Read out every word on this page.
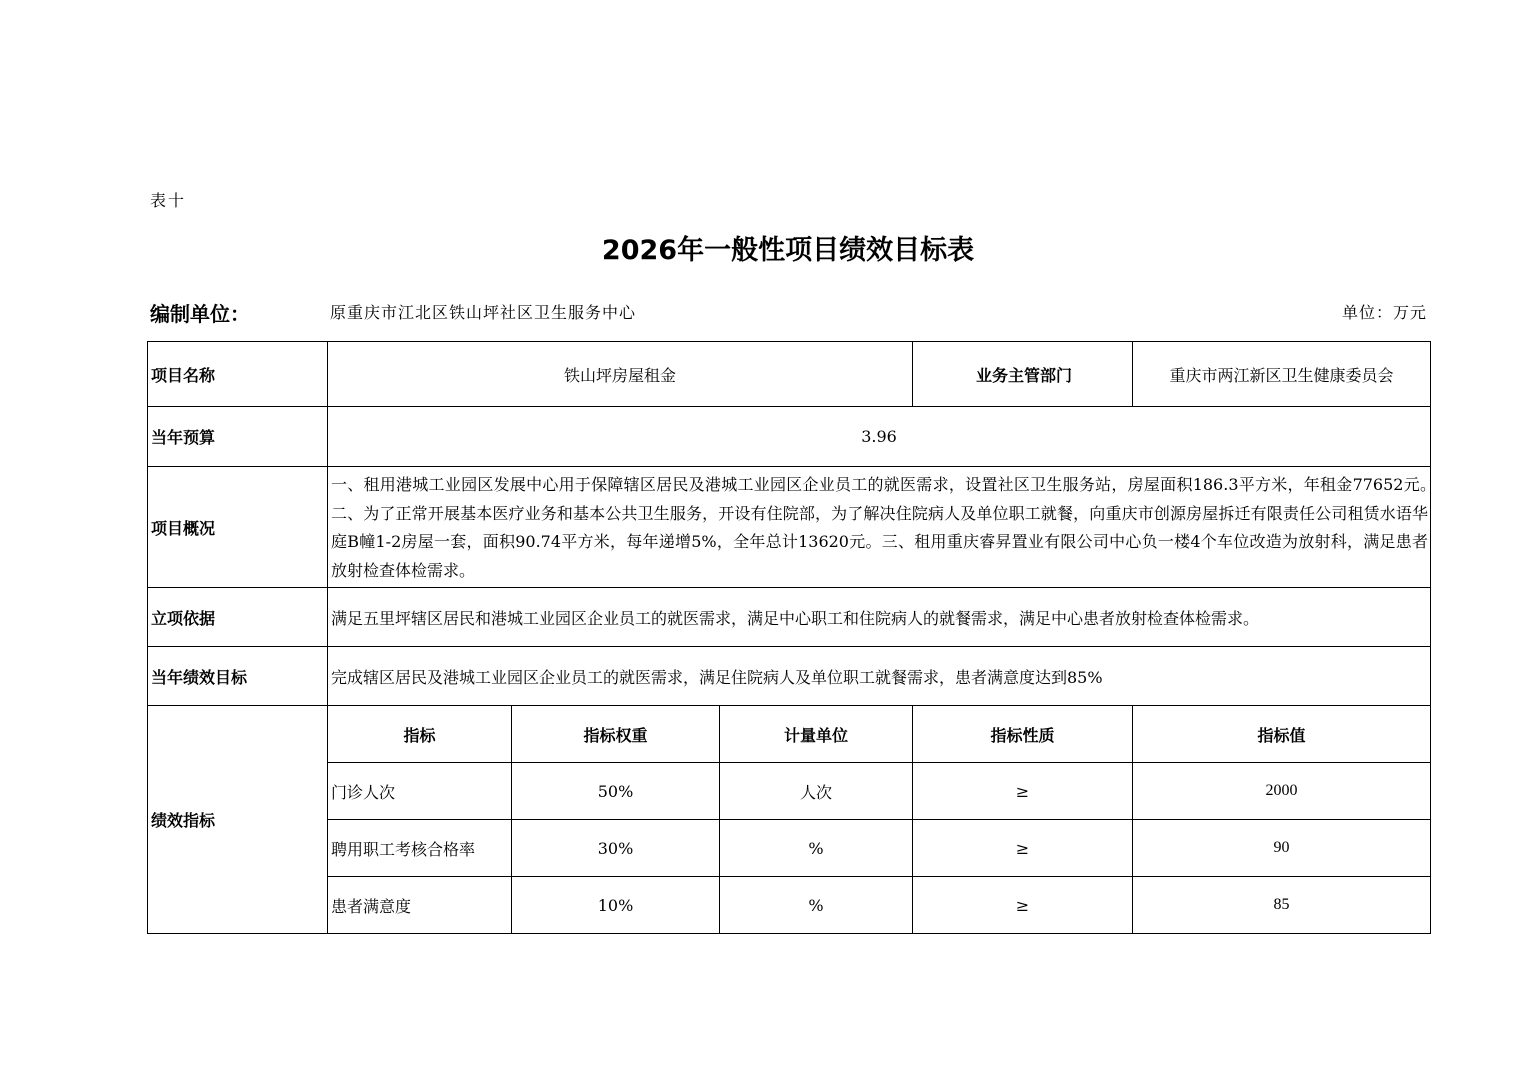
表十
2026年一般性项目绩效目标表
编制单位：	原重庆市江北区铁山坪社区卫生服务中心	单位：万元
项目名称	铁山坪房屋租金			业务主管部门	重庆市两江新区卫生健康委员会
当年预算	3.96				
项目概况	一、租用港城工业园区发展中心用于保障辖区居民及港城工业园区企业员工的就医需求，设置社区卫生服务站，房屋面积186.3平方米，年租金77652元。　二、为了正常开展基本医疗业务和基本公共卫生服务，开设有住院部，为了解决住院病人及单位职工就餐，向重庆市创源房屋拆迁有限责任公司租赁水语华庭B幢1-2房屋一套，面积90.74平方米，每年递增5%，全年总计13620元。三、租用重庆睿昇置业有限公司中心负一楼4个车位改造为放射科，满足患者放射检查体检需求。				
立项依据	满足五里坪辖区居民和港城工业园区企业员工的就医需求，满足中心职工和住院病人的就餐需求，满足中心患者放射检查体检需求。				
当年绩效目标	完成辖区居民及港城工业园区企业员工的就医需求，满足住院病人及单位职工就餐需求，患者满意度达到85%				
绩效指标	指标	指标权重	计量单位	指标性质	指标值
	门诊人次	50%	人次	≥	2000
	聘用职工考核合格率	30%	%	≥	90
	患者满意度	10%	%	≥	85
